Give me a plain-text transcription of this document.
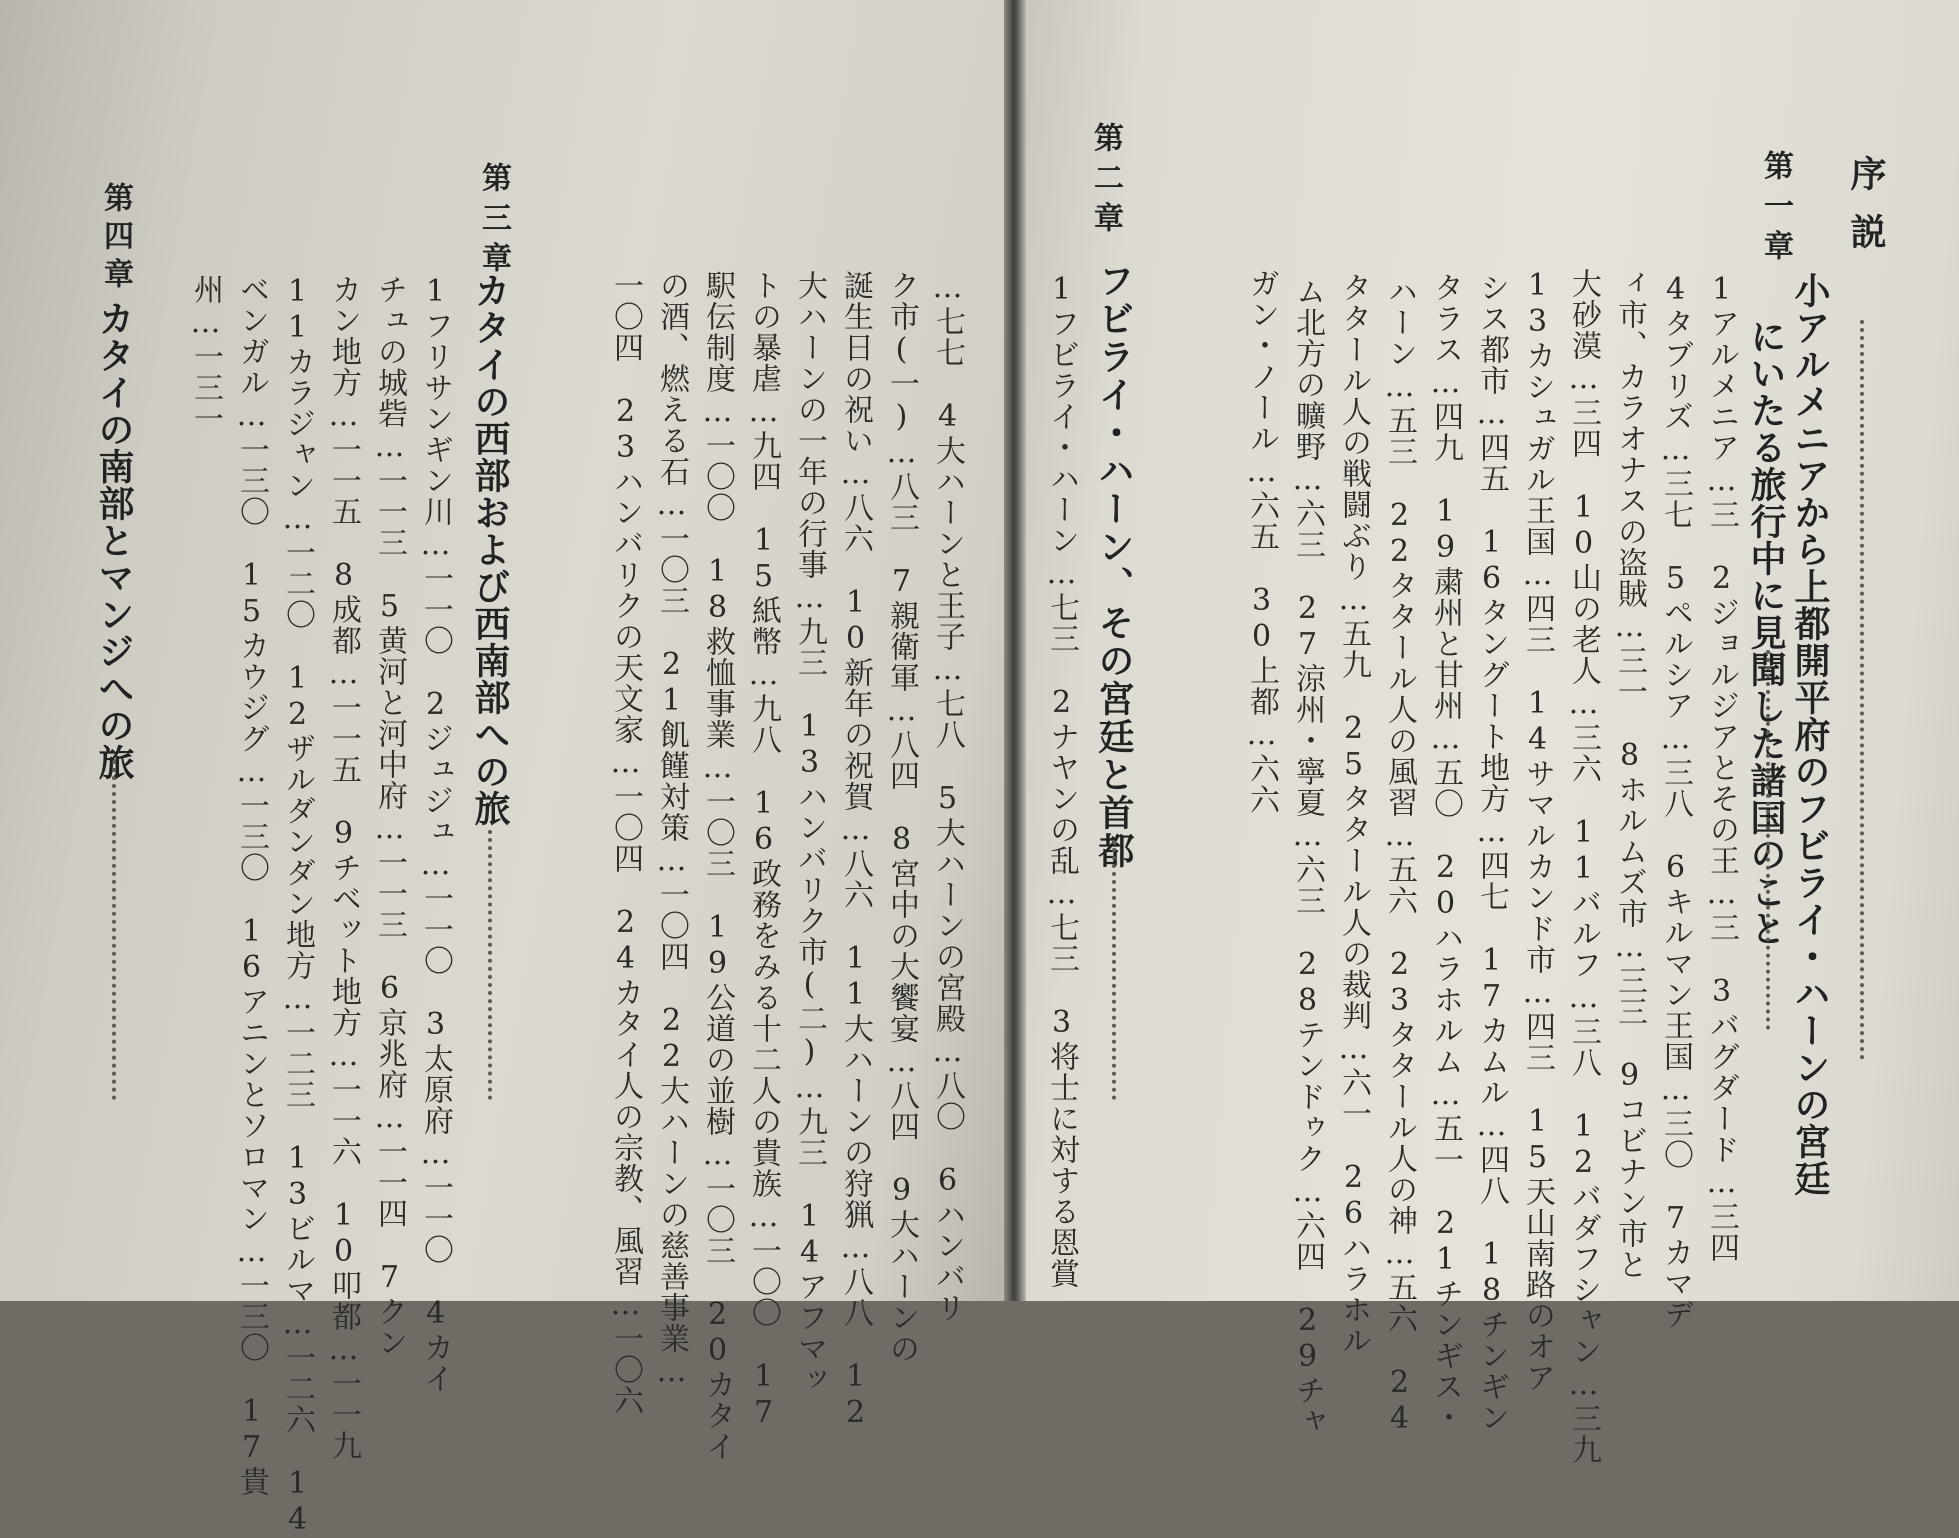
序説
第一章
小アルメニアから上都開平府のフビライ・ハーンの宮廷
にいたる旅行中に見聞した諸国のこと
1アルメニア…三　2ジョルジアとその王…三　3バグダード…三四
4タブリズ…三七　5ペルシア…三八　6キルマン王国…三〇　7カマデ
ィ市、カラオナスの盗賊…三一　8ホルムズ市…三三　9コビナン市と
大砂漠…三四　10山の老人…三六　11バルフ…三八　12バダフシャン…三九
13カシュガル王国…四三　14サマルカンド市…四三　15天山南路のオア
シス都市…四五　16タングート地方…四七　17カムル…四八　18チンギン
タラス…四九　19粛州と甘州…五〇　20ハラホルム…五一　21チンギス・
ハーン…五三　22タタール人の風習…五六　23タタール人の神…五六　24
タタール人の戦闘ぶり…五九　25タタール人の裁判…六一　26ハラホル
ム北方の曠野…六三　27涼州・寧夏…六三　28テンドゥク…六四　29チャ
ガン・ノール…六五　30上都…六六
第二章
フビライ・ハーン、その宮廷と首都
1フビライ・ハーン…七三　2ナヤンの乱…七三　3将士に対する恩賞
…七七　4大ハーンと王子…七八　5大ハーンの宮殿…八〇　6ハンバリ
ク市(一)…八三　7親衛軍…八四　8宮中の大饗宴…八四　9大ハーンの
誕生日の祝い…八六　10新年の祝賀…八六　11大ハーンの狩猟…八八　12
大ハーンの一年の行事…九三　13ハンバリク市(二)…九三　14アフマッ
トの暴虐…九四　15紙幣…九八　16政務をみる十二人の貴族…一〇〇　17
駅伝制度…一〇〇　18救恤事業…一〇三　19公道の並樹…一〇三　20カタイ
の酒、燃える石…一〇三　21飢饉対策…一〇四　22大ハーンの慈善事業…
一〇四　23ハンバリクの天文家…一〇四　24カタイ人の宗教、風習…一〇六
第三章
カタイの西部および西南部への旅
1フリサンギン川…一一〇　2ジュジュ…一一〇　3太原府…一一〇　4カイ
チュの城砦…一一三　5黄河と河中府…一一三　6京兆府…一一四　7クン
カン地方…一一五　8成都…一一五　9チベット地方…一一六　10叩都…一一九
11カラジャン…一二〇　12ザルダンダン地方…一二三　13ビルマ…一二六　14
ベンガル…一三〇　15カウジグ…一三〇　16アニンとソロマン…一三〇　17貴
州…一三一
第四章
カタイの南部とマンジへの旅
